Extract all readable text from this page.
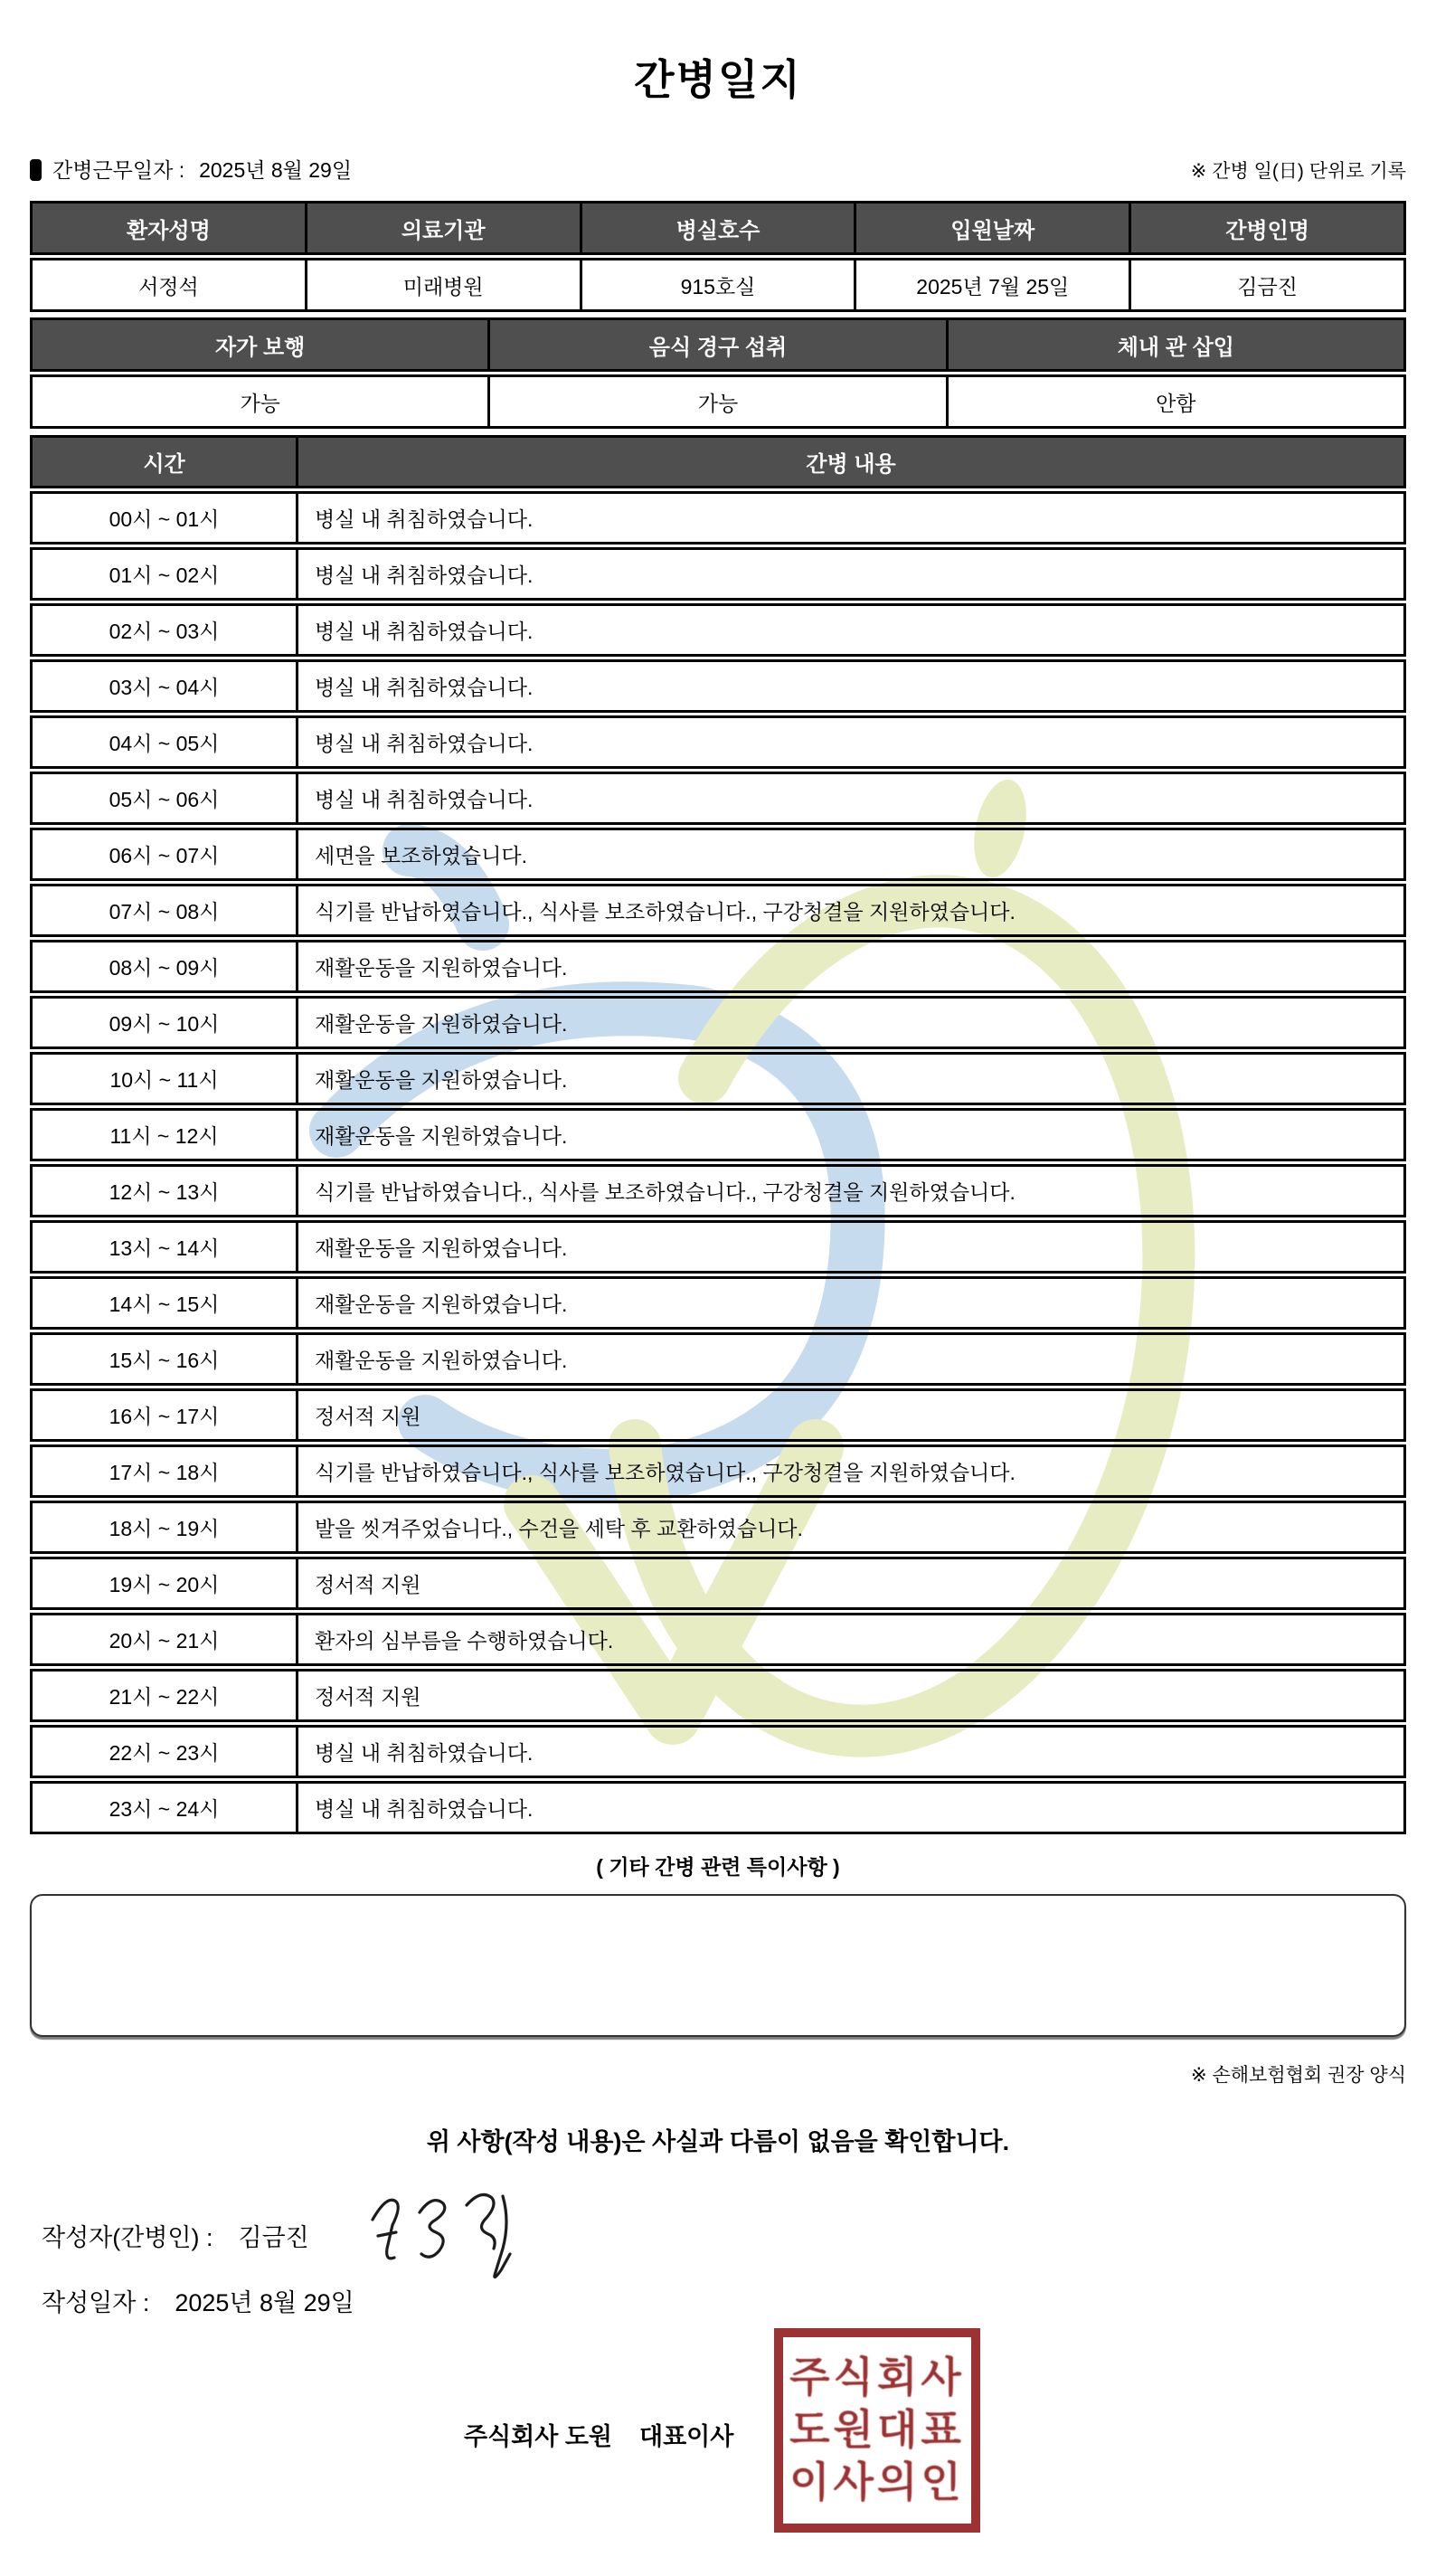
간병일지
간병근무일자 : 2025년 8월 29일	※ 간병 일(日) 단위로 기록
환자성명	의료기관	병실호수	입원날짜	간병인명
서정석	미래병원	915호실	2025년 7월 25일	김금진
자가 보행	음식 경구 섭취	체내 관 삽입
가능	가능	안함
시간	간병 내용
00시 ~ 01시	병실 내 취침하였습니다.
01시 ~ 02시	병실 내 취침하였습니다.
02시 ~ 03시	병실 내 취침하였습니다.
03시 ~ 04시	병실 내 취침하였습니다.
04시 ~ 05시	병실 내 취침하였습니다.
05시 ~ 06시	병실 내 취침하였습니다.
06시 ~ 07시	세면을 보조하였습니다.
07시 ~ 08시	식기를 반납하였습니다., 식사를 보조하였습니다., 구강청결을 지원하였습니다.
08시 ~ 09시	재활운동을 지원하였습니다.
09시 ~ 10시	재활운동을 지원하였습니다.
10시 ~ 11시	재활운동을 지원하였습니다.
11시 ~ 12시	재활운동을 지원하였습니다.
12시 ~ 13시	식기를 반납하였습니다., 식사를 보조하였습니다., 구강청결을 지원하였습니다.
13시 ~ 14시	재활운동을 지원하였습니다.
14시 ~ 15시	재활운동을 지원하였습니다.
15시 ~ 16시	재활운동을 지원하였습니다.
16시 ~ 17시	정서적 지원
17시 ~ 18시	식기를 반납하였습니다., 식사를 보조하였습니다., 구강청결을 지원하였습니다.
18시 ~ 19시	발을 씻겨주었습니다., 수건을 세탁 후 교환하였습니다.
19시 ~ 20시	정서적 지원
20시 ~ 21시	환자의 심부름을 수행하였습니다.
21시 ~ 22시	정서적 지원
22시 ~ 23시	병실 내 취침하였습니다.
23시 ~ 24시	병실 내 취침하였습니다.
( 기타 간병 관련 특이사항 )
※ 손해보험협회 권장 양식
위 사항(작성 내용)은 사실과 다름이 없음을 확인합니다.
작성자(간병인) : 김금진
작성일자 : 2025년 8월 29일
주식회사 도원    대표이사
주식회사
도원대표
이사의인
